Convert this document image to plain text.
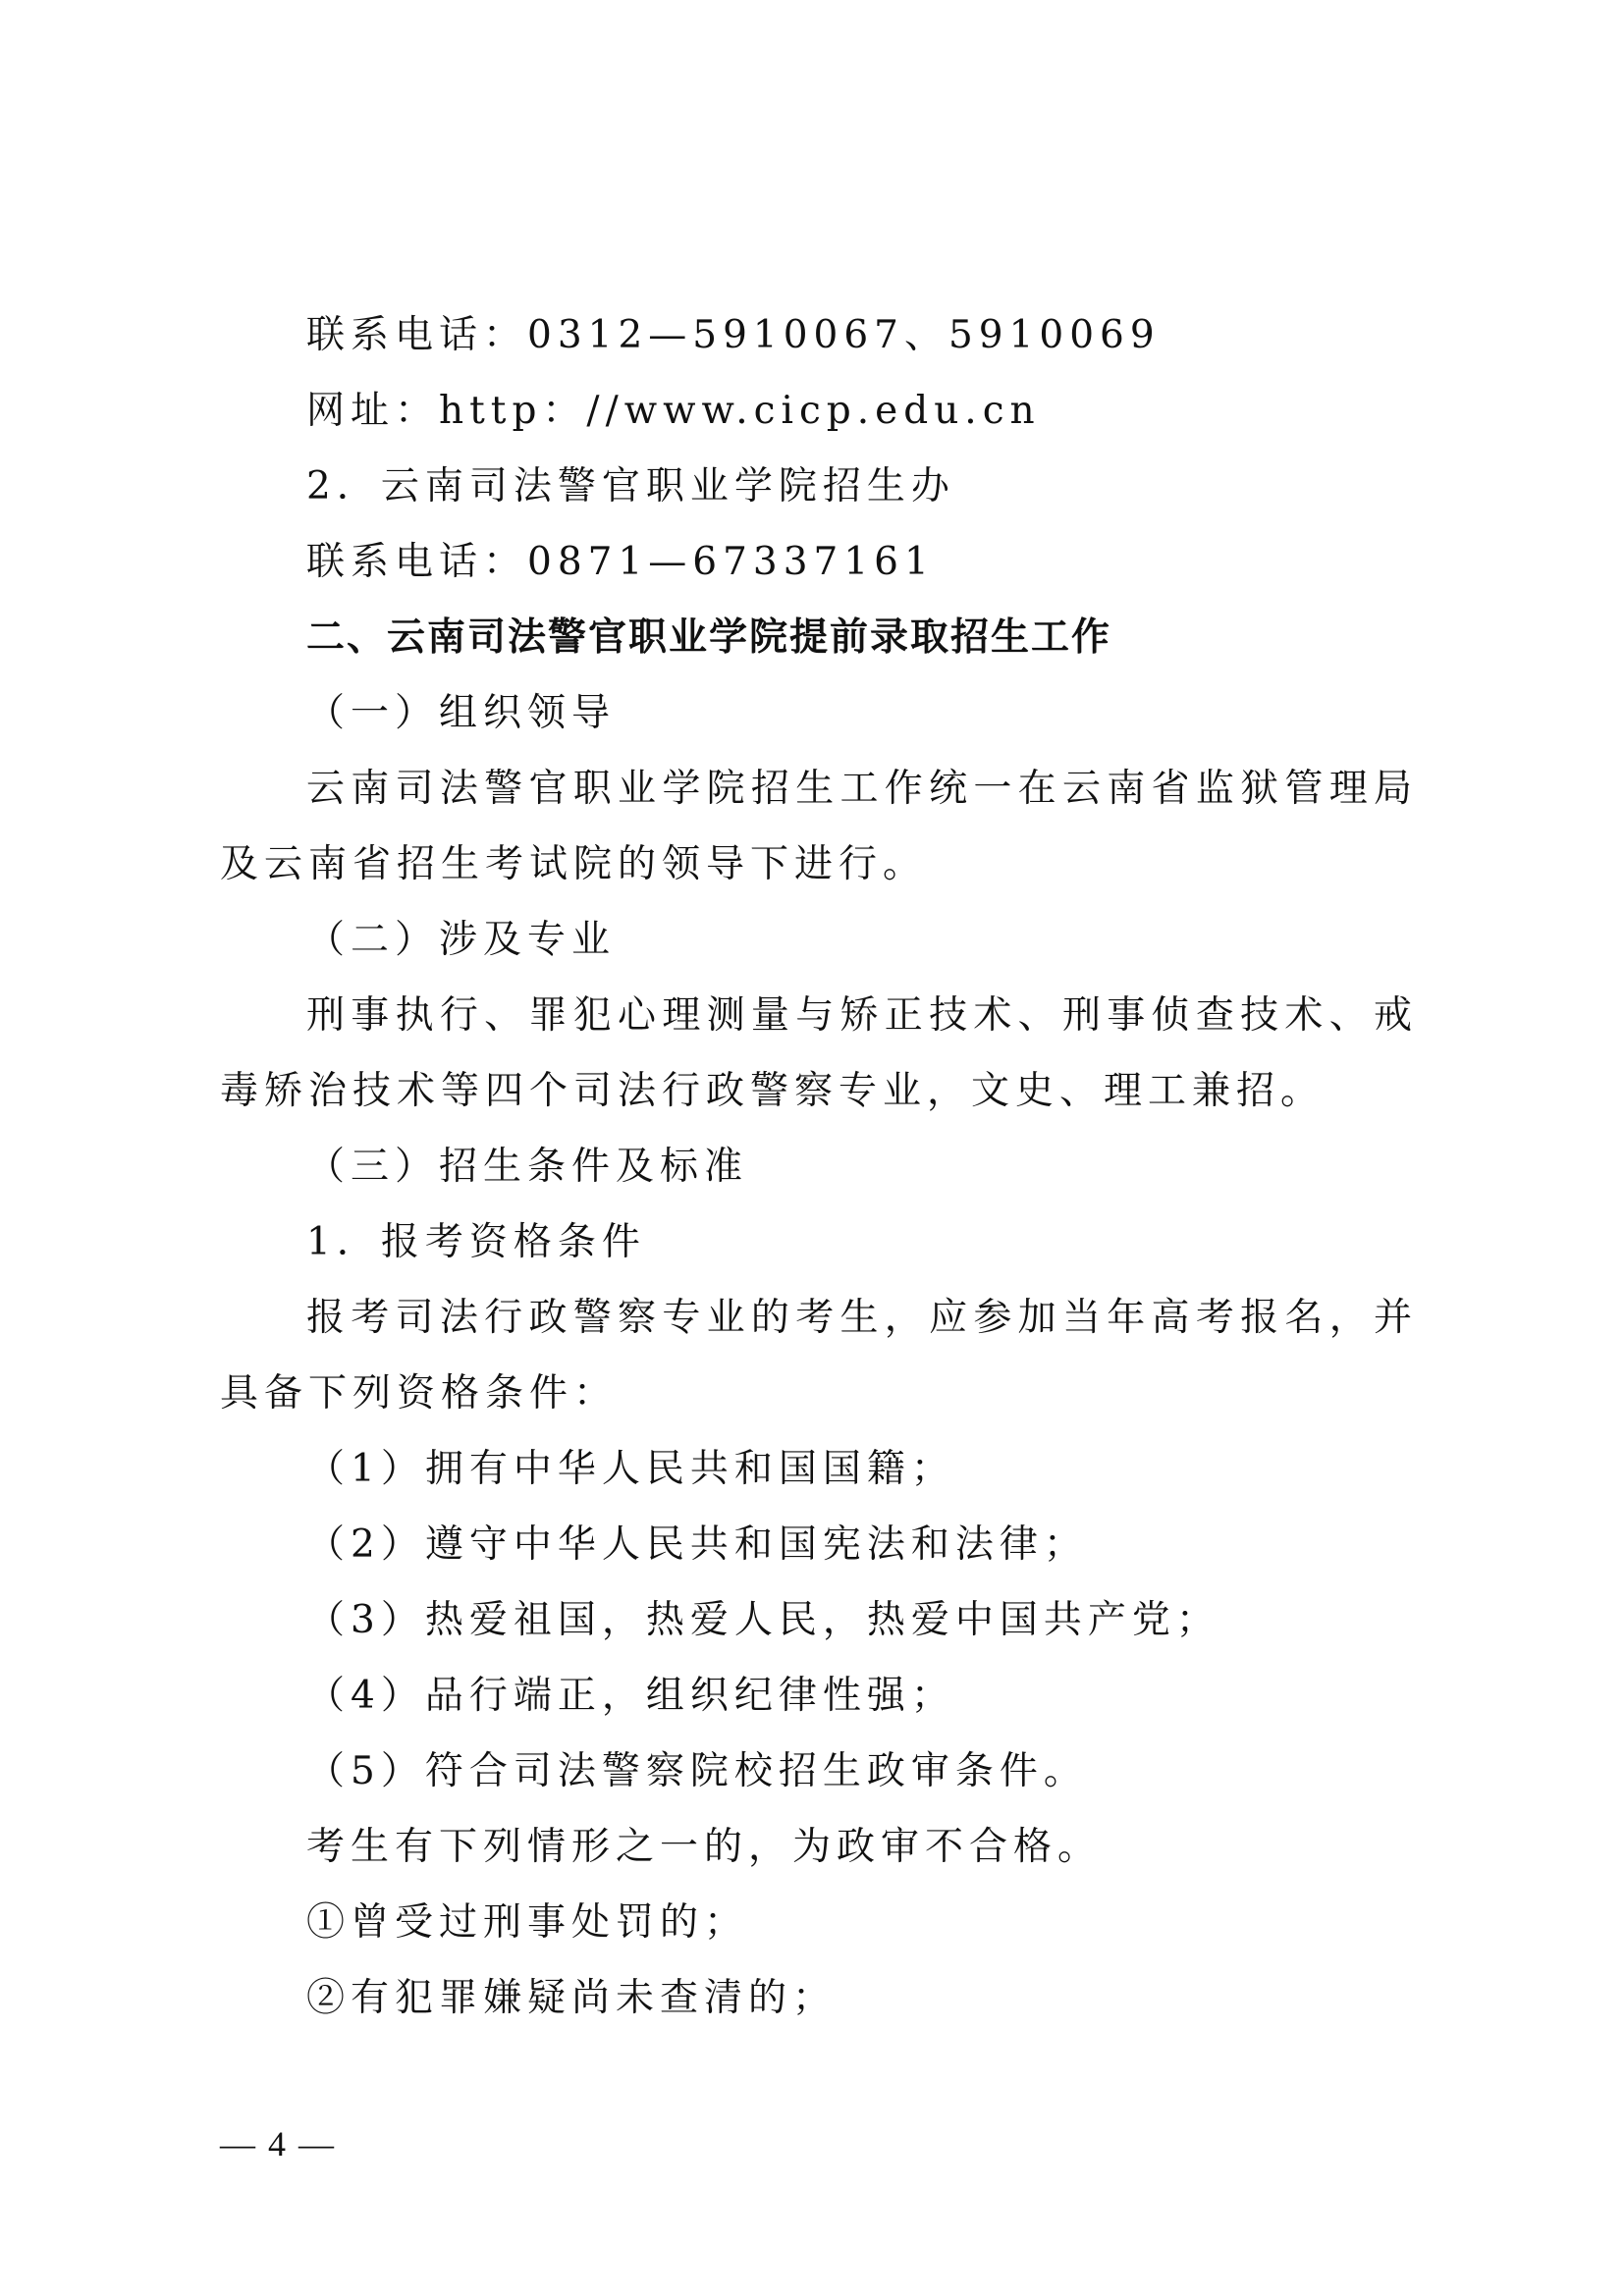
联系电话：0312—5910067、5910069
网址：http：//www.cicp.edu.cn
2．云南司法警官职业学院招生办
联系电话：0871—67337161
二、云南司法警官职业学院提前录取招生工作
（一）组织领导
云南司法警官职业学院招生工作统一在云南省监狱管理局
及云南省招生考试院的领导下进行。
（二）涉及专业
刑事执行、罪犯心理测量与矫正技术、刑事侦查技术、戒
毒矫治技术等四个司法行政警察专业，文史、理工兼招。
（三）招生条件及标准
1．报考资格条件
报考司法行政警察专业的考生，应参加当年高考报名，并
具备下列资格条件：
（1）拥有中华人民共和国国籍；
（2）遵守中华人民共和国宪法和法律；
（3）热爱祖国，热爱人民，热爱中国共产党；
（4）品行端正，组织纪律性强；
（5）符合司法警察院校招生政审条件。
考生有下列情形之一的，为政审不合格。
①曾受过刑事处罚的；
②有犯罪嫌疑尚未查清的；
— 4 —
